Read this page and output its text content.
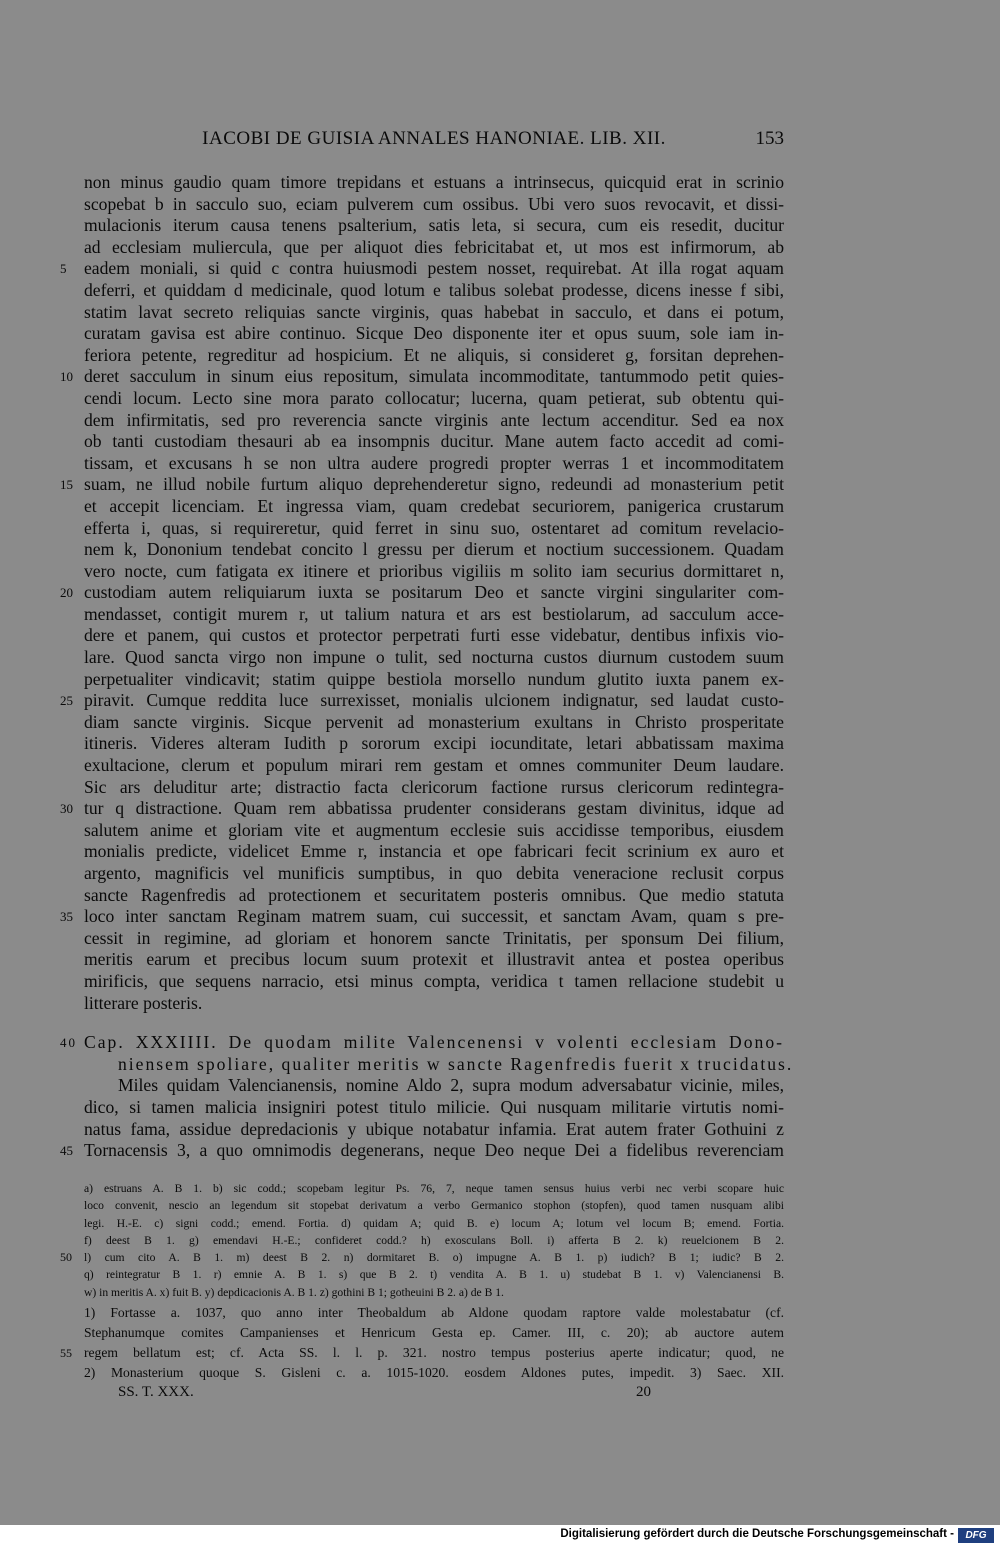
IACOBI DE GUISIA ANNALES HANONIAE. LIB. XII.	153
non minus gaudio quam timore trepidans et estuans a intrinsecus, quicquid erat in scrinio
scopebat b in sacculo suo, eciam pulverem cum ossibus. Ubi vero suos revocavit, et dissi-
mulacionis iterum causa tenens psalterium, satis leta, si secura, cum eis resedit, ducitur
ad ecclesiam muliercula, que per aliquot dies febricitabat et, ut mos est infirmorum, ab
eadem moniali, si quid c contra huiusmodi pestem nosset, requirebat. At illa rogat aquam
5
deferri, et quiddam d medicinale, quod lotum e talibus solebat prodesse, dicens inesse f sibi,
statim lavat secreto reliquias sancte virginis, quas habebat in sacculo, et dans ei potum,
curatam gavisa est abire continuo. Sicque Deo disponente iter et opus suum, sole iam in-
feriora petente, regreditur ad hospicium. Et ne aliquis, si consideret g, forsitan deprehen-
deret sacculum in sinum eius repositum, simulata incommoditate, tantummodo petit quies-
10
cendi locum. Lecto sine mora parato collocatur; lucerna, quam petierat, sub obtentu qui-
dem infirmitatis, sed pro reverencia sancte virginis ante lectum accenditur. Sed ea nox
ob tanti custodiam thesauri ab ea insompnis ducitur. Mane autem facto accedit ad comi-
tissam, et excusans h se non ultra audere progredi propter werras 1 et incommoditatem
suam, ne illud nobile furtum aliquo deprehenderetur signo, redeundi ad monasterium petit
15
et accepit licenciam. Et ingressa viam, quam credebat securiorem, panigerica crustarum
efferta i, quas, si requireretur, quid ferret in sinu suo, ostentaret ad comitum revelacio-
nem k, Dononium tendebat concito l gressu per dierum et noctium successionem. Quadam
vero nocte, cum fatigata ex itinere et prioribus vigiliis m solito iam securius dormittaret n,
custodiam autem reliquiarum iuxta se positarum Deo et sancte virgini singulariter com-
20
mendasset, contigit murem r, ut talium natura et ars est bestiolarum, ad sacculum acce-
dere et panem, qui custos et protector perpetrati furti esse videbatur, dentibus infixis vio-
lare. Quod sancta virgo non impune o tulit, sed nocturna custos diurnum custodem suum
perpetualiter vindicavit; statim quippe bestiola morsello nundum glutito iuxta panem ex-
piravit. Cumque reddita luce surrexisset, monialis ulcionem indignatur, sed laudat custo-
25
diam sancte virginis. Sicque pervenit ad monasterium exultans in Christo prosperitate
itineris. Videres alteram Iudith p sororum excipi iocunditate, letari abbatissam maxima
exultacione, clerum et populum mirari rem gestam et omnes communiter Deum laudare.
Sic ars deluditur arte; distractio facta clericorum factione rursus clericorum redintegra-
tur q distractione. Quam rem abbatissa prudenter considerans gestam divinitus, idque ad
30
salutem anime et gloriam vite et augmentum ecclesie suis accidisse temporibus, eiusdem
monialis predicte, videlicet Emme r, instancia et ope fabricari fecit scrinium ex auro et
argento, magnificis vel munificis sumptibus, in quo debita veneracione reclusit corpus
sancte Ragenfredis ad protectionem et securitatem posteris omnibus. Que medio statuta
loco inter sanctam Reginam matrem suam, cui successit, et sanctam Avam, quam s pre-
35
cessit in regimine, ad gloriam et honorem sancte Trinitatis, per sponsum Dei filium,
meritis earum et precibus locum suum protexit et illustravit antea et postea operibus
mirificis, que sequens narracio, etsi minus compta, veridica t tamen rellacione studebit u
litterare posteris.
Cap. XXXIIII. De quodam milite Valencenensi v volenti ecclesiam Dono-
40
niensem spoliare, qualiter meritis w sancte Ragenfredis fuerit x trucidatus.
Miles quidam Valencianensis, nomine Aldo 2, supra modum adversabatur vicinie, miles,
dico, si tamen malicia insigniri potest titulo milicie. Qui nusquam militarie virtutis nomi-
natus fama, assidue depredacionis y ubique notabatur infamia. Erat autem frater Gothuini z
Tornacensis 3, a quo omnimodis degenerans, neque Deo neque Dei a fidelibus reverenciam
45
a) estruans A. B 1. b) sic codd.; scopebam legitur Ps. 76, 7, neque tamen sensus huius verbi nec verbi scopare huic
loco convenit, nescio an legendum sit stopebat derivatum a verbo Germanico stophon (stopfen), quod tamen nusquam alibi
legi. H.-E. c) signi codd.; emend. Fortia. d) quidam A; quid B. e) locum A; lotum vel locum B; emend. Fortia.
f) deest B 1. g) emendavi H.-E.; confideret codd.? h) exosculans Boll. i) afferta B 2. k) reuelcionem B 2.
l) cum cito A. B 1. m) deest B 2. n) dormitaret B. o) impugne A. B 1. p) iudich? B 1; iudic? B 2.
50
q) reintegratur B 1. r) emnie A. B 1. s) que B 2. t) vendita A. B 1. u) studebat B 1. v) Valencianensi B.
w) in meritis A. x) fuit B. y) depdicacionis A. B 1. z) gothini B 1; gotheuini B 2. a) de B 1.
1) Fortasse a. 1037, quo anno inter Theobaldum ab Aldone quodam raptore valde molestabatur (cf.
Stephanumque comites Campanienses et Henricum Gesta ep. Camer. III, c. 20); ab auctore autem
regem bellatum est; cf. Acta SS. l. l. p. 321. nostro tempus posterius aperte indicatur; quod, ne
55
2) Monasterium quoque S. Gisleni c. a. 1015-1020. eosdem Aldones putes, impedit. 3) Saec. XII.
SS. T. XXX.	20
Digitalisierung gefördert durch die Deutsche Forschungsgemeinschaft -	DFG
